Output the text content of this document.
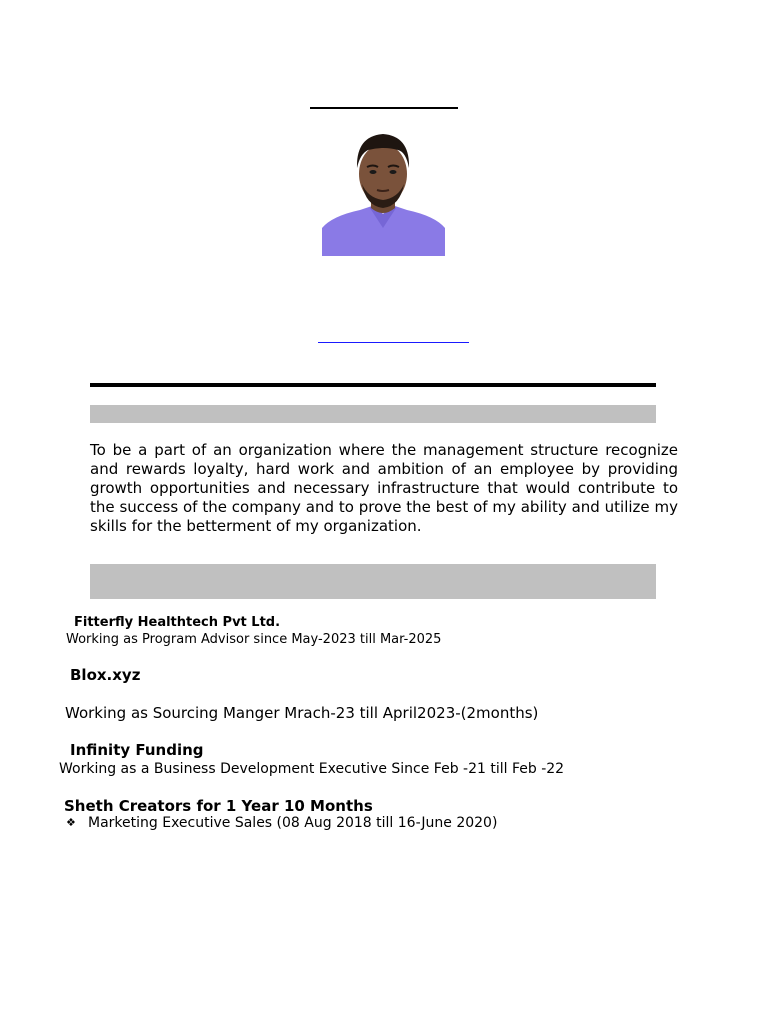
To be a part of an organization where the management structure recognize and rewards loyalty, hard work and ambition of an employee by providing growth opportunities and necessary infrastructure that would contribute to the success of the company and to prove the best of my ability and utilize my skills for the betterment of my organization.
Fitterfly Healthtech Pvt Ltd.
Working as Program Advisor since May-2023 till Mar-2025
Blox.xyz
Working as Sourcing Manger Mrach-23 till April2023-(2months)
Infinity Funding
Working as a Business Development Executive Since Feb -21 till Feb -22
Sheth Creators for 1 Year 10 Months
❖ Marketing Executive Sales (08 Aug 2018 till 16-June 2020)
